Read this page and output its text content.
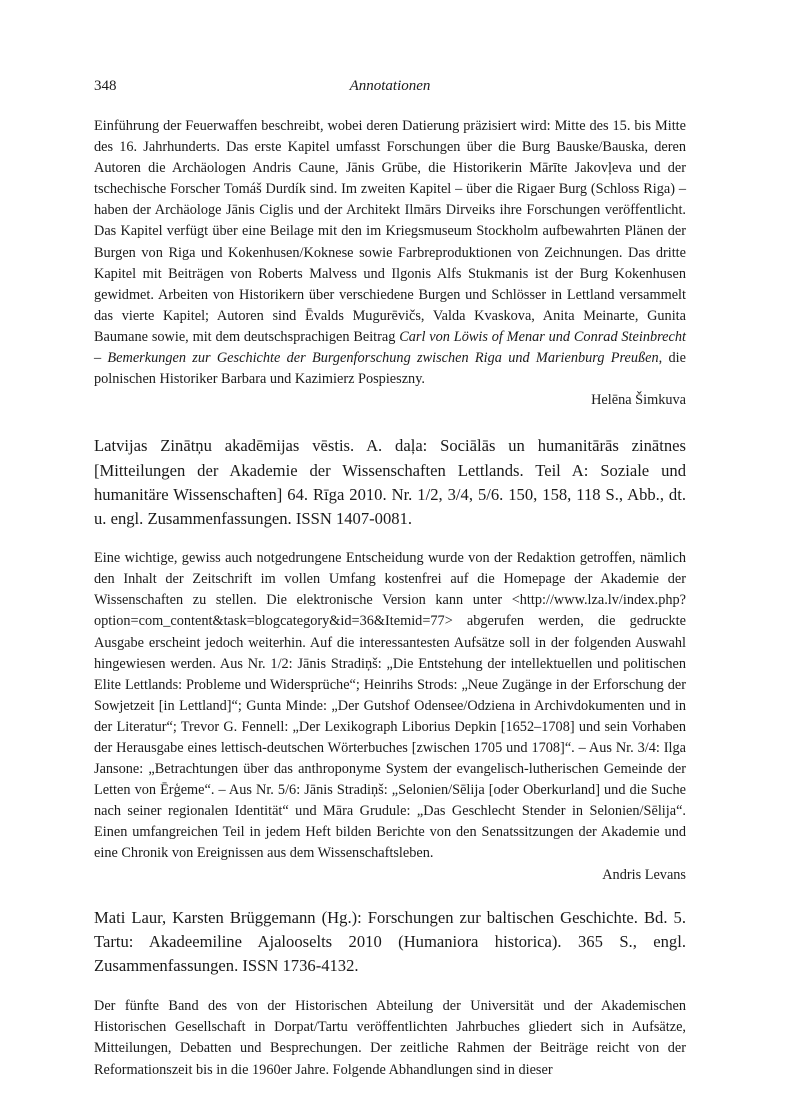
348	Annotationen
Einführung der Feuerwaffen beschreibt, wobei deren Datierung präzisiert wird: Mitte des 15. bis Mitte des 16. Jahrhunderts. Das erste Kapitel umfasst Forschungen über die Burg Bauske/Bauska, deren Autoren die Archäologen Andris Caune, Jānis Grūbe, die Historikerin Mārīte Jakovļeva und der tschechische Forscher Tomáš Durdík sind. Im zweiten Kapitel – über die Rigaer Burg (Schloss Riga) – haben der Archäologe Jānis Ciglis und der Architekt Ilmārs Dirveiks ihre Forschungen veröffentlicht. Das Kapitel verfügt über eine Beilage mit den im Kriegsmuseum Stockholm aufbewahrten Plänen der Burgen von Riga und Kokenhusen/Koknese sowie Farbreproduktionen von Zeichnungen. Das dritte Kapitel mit Beiträgen von Roberts Malvess und Ilgonis Alfs Stukmanis ist der Burg Kokenhusen gewidmet. Arbeiten von Historikern über verschiedene Burgen und Schlösser in Lettland versammelt das vierte Kapitel; Autoren sind Ēvalds Mugurēvičs, Valda Kvaskova, Anita Meinarte, Gunita Baumane sowie, mit dem deutschsprachigen Beitrag Carl von Löwis of Menar und Conrad Steinbrecht – Bemerkungen zur Geschichte der Burgenforschung zwischen Riga und Marienburg Preußen, die polnischen Historiker Barbara und Kazimierz Pospieszny.
Helēna Šimkuva

Latvijas Zinātņu akadēmijas vēstis. A. daļa: Sociālās un humanitārās zinātnes [Mitteilungen der Akademie der Wissenschaften Lettlands. Teil A: Soziale und humanitäre Wissenschaften] 64. Rīga 2010. Nr. 1/2, 3/4, 5/6. 150, 158, 118 S., Abb., dt. u. engl. Zusammenfassungen. ISSN 1407-0081.

Eine wichtige, gewiss auch notgedrungene Entscheidung wurde von der Redaktion getroffen, nämlich den Inhalt der Zeitschrift im vollen Umfang kostenfrei auf die Homepage der Akademie der Wissenschaften zu stellen. Die elektronische Version kann unter <http://www.lza.lv/index.php?option=com_content&task=blogcategory&id=36&Itemid=77> abgerufen werden, die gedruckte Ausgabe erscheint jedoch weiterhin. Auf die interessantesten Aufsätze soll in der folgenden Auswahl hingewiesen werden. Aus Nr. 1/2: Jānis Stradiņš: „Die Entstehung der intellektuellen und politischen Elite Lettlands: Probleme und Widersprüche“; Heinrihs Strods: „Neue Zugänge in der Erforschung der Sowjetzeit [in Lettland]“; Gunta Minde: „Der Gutshof Odensee/Odziena in Archivdokumenten und in der Literatur“; Trevor G. Fennell: „Der Lexikograph Liborius Depkin [1652–1708] und sein Vorhaben der Herausgabe eines lettisch-deutschen Wörterbuches [zwischen 1705 und 1708]“. – Aus Nr. 3/4: Ilga Jansone: „Betrachtungen über das anthroponyme System der evangelisch-lutherischen Gemeinde der Letten von Ērģeme“. – Aus Nr. 5/6: Jānis Stradiņš: „Selonien/Sēlija [oder Oberkurland] und die Suche nach seiner regionalen Identität“ und Māra Grudule: „Das Geschlecht Stender in Selonien/Sēlija“. Einen umfangreichen Teil in jedem Heft bilden Berichte von den Senatssitzungen der Akademie und eine Chronik von Ereignissen aus dem Wissenschaftsleben.

Andris Levans

Mati Laur, Karsten Brüggemann (Hg.): Forschungen zur baltischen Geschichte. Bd. 5. Tartu: Akadeemiline Ajalooselts 2010 (Humaniora historica). 365 S., engl. Zusammenfassungen. ISSN 1736-4132.

Der fünfte Band des von der Historischen Abteilung der Universität und der Akademischen Historischen Gesellschaft in Dorpat/Tartu veröffentlichten Jahrbuches gliedert sich in Aufsätze, Mitteilungen, Debatten und Besprechungen. Der zeitliche Rahmen der Beiträge reicht von der Reformationszeit bis in die 1960er Jahre. Folgende Abhandlungen sind in dieser
